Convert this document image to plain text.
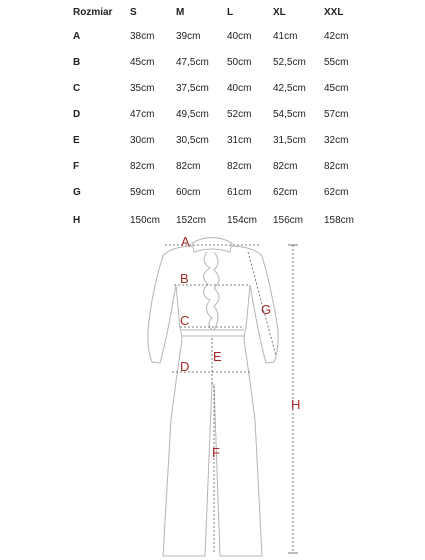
Rozmiar S	M	L	XL	XXL
A	38cm 39cm	40cm 41cm	42cm
B	45cm 47,5cm 50cm 52,5cm 55cm
C	35cm 37,5cm 40cm 42,5cm 45cm
D	47cm 49,5cm 52cm 54,5cm 57cm
E	30cm 30,5cm 31cm 31,5cm 32cm
F	82cm 82cm	82cm 82cm	82cm
G	59cm 60cm	61cm 62cm	62cm
H	150cm 152cm 154cm 156cm 158cm
A
B
C
D
E
F
G
H
